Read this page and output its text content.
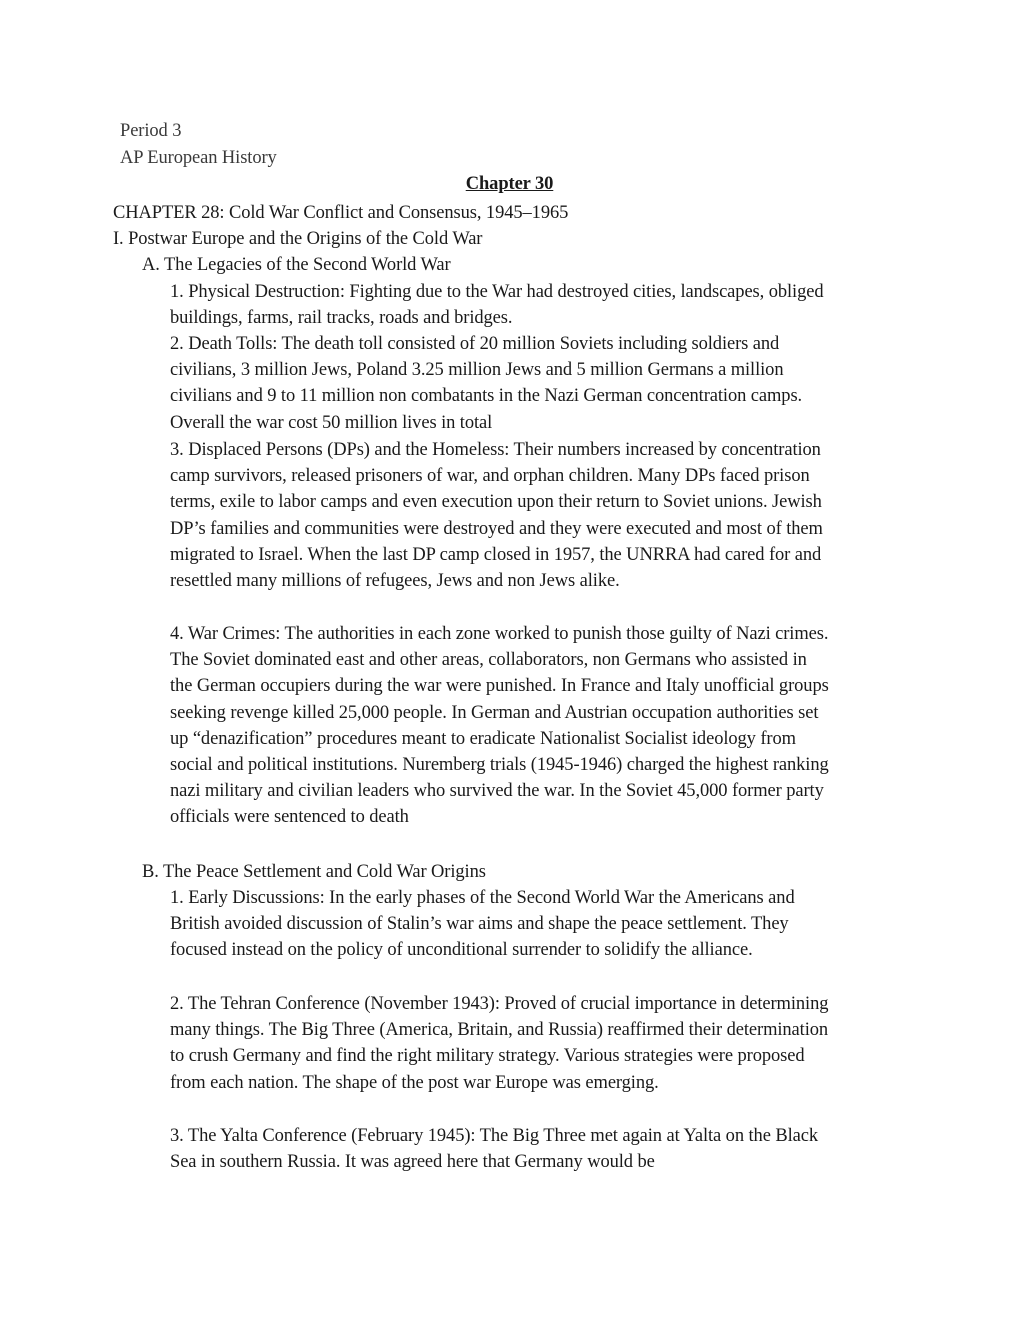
Period 3
AP European History
Chapter 30
CHAPTER 28: Cold War Conflict and Consensus, 1945–1965
I. Postwar Europe and the Origins of the Cold War
A. The Legacies of the Second World War
1. Physical Destruction: Fighting due to the War had destroyed cities, landscapes, obliged buildings, farms, rail tracks, roads and bridges.
2. Death Tolls: The death toll consisted of 20 million Soviets including soldiers and civilians, 3 million Jews, Poland 3.25 million Jews and 5 million Germans a million civilians and 9 to 11 million non combatants in the Nazi German concentration camps. Overall the war cost 50 million lives in total
3. Displaced Persons (DPs) and the Homeless: Their numbers increased by concentration camp survivors, released prisoners of war, and orphan children. Many DPs faced prison terms, exile to labor camps and even execution upon their return to Soviet unions. Jewish DP’s families and communities were destroyed and they were executed and most of them migrated to Israel. When the last DP camp closed in 1957, the UNRRA had cared for and resettled many millions of refugees, Jews and non Jews alike.
4. War Crimes: The authorities in each zone worked to punish those guilty of Nazi crimes. The Soviet dominated east and other areas, collaborators, non Germans who assisted in the German occupiers during the war were punished. In France and Italy unofficial groups seeking revenge killed 25,000 people. In German and Austrian occupation authorities set up “denazification” procedures meant to eradicate Nationalist Socialist ideology from social and political institutions. Nuremberg trials (1945-1946) charged the highest ranking nazi military and civilian leaders who survived the war. In the Soviet 45,000 former party officials were sentenced to death
B. The Peace Settlement and Cold War Origins
1. Early Discussions: In the early phases of the Second World War the Americans and British avoided discussion of Stalin’s war aims and shape the peace settlement. They focused instead on the policy of unconditional surrender to solidify the alliance.
2. The Tehran Conference (November 1943): Proved of crucial importance in determining many things. The Big Three (America, Britain, and Russia) reaffirmed their determination to crush Germany and find the right military strategy. Various strategies were proposed from each nation. The shape of the post war Europe was emerging.
3. The Yalta Conference (February 1945): The Big Three met again at Yalta on the Black Sea in southern Russia. It was agreed here that Germany would be
